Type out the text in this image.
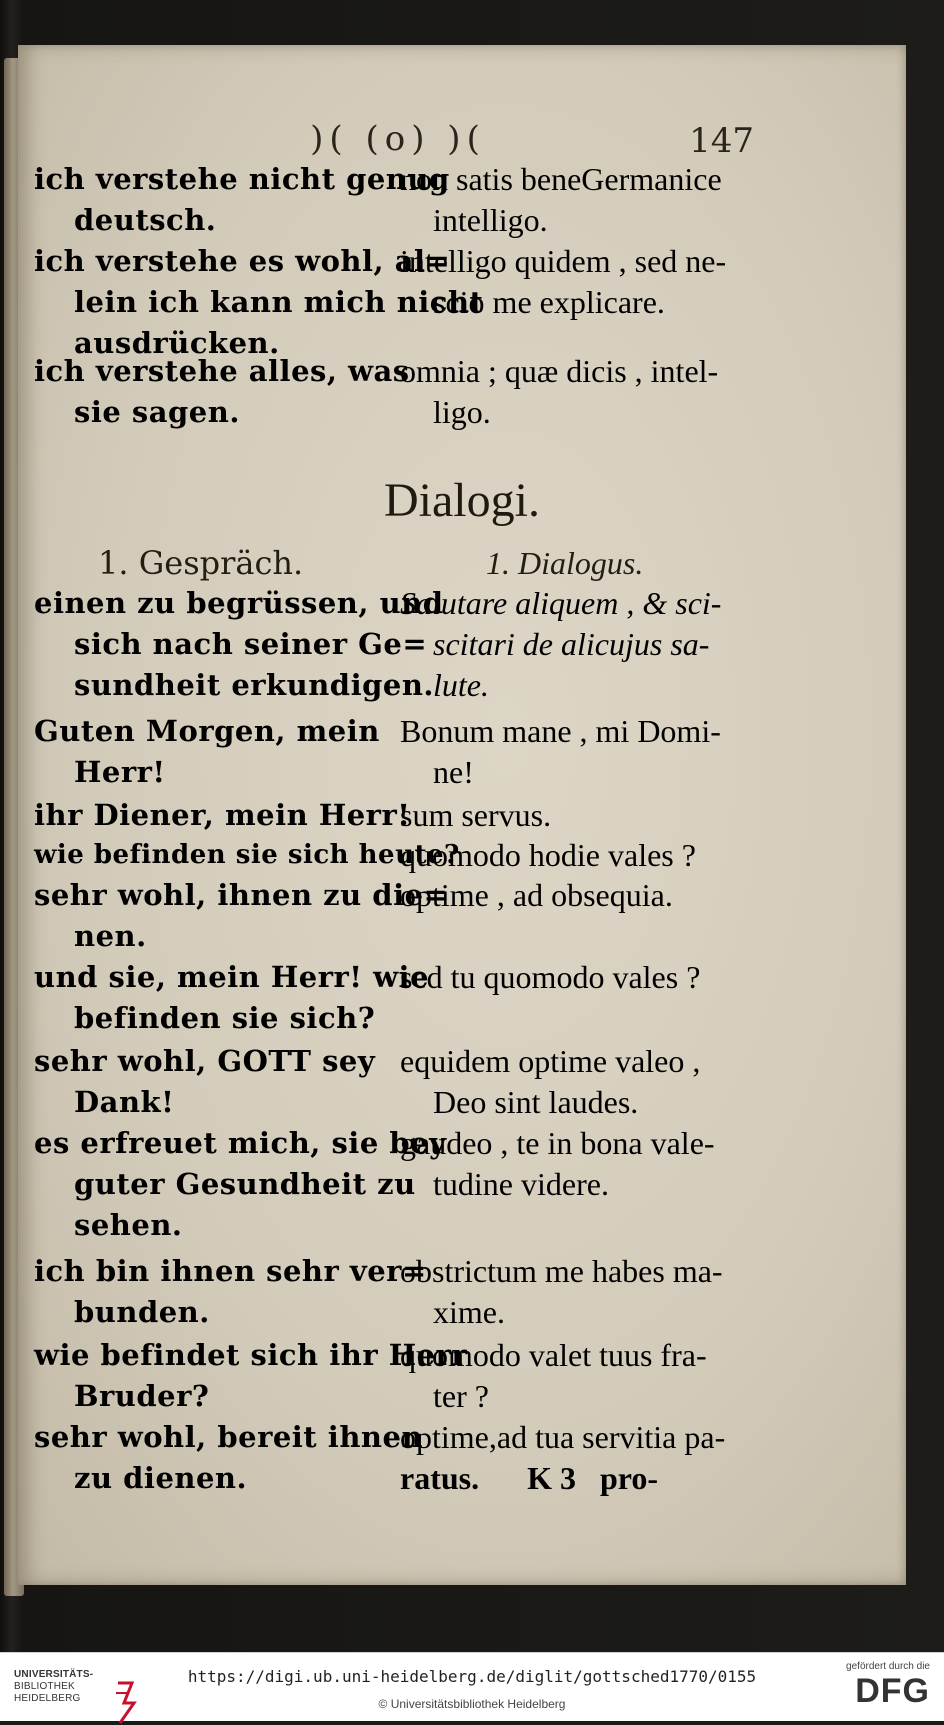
)( (o) )(	147
ich verstehe nicht genug
deutsch.
non satis beneGermanice
intelligo.
ich verstehe es wohl, al=
lein ich kann mich nicht
ausdrücken.
intelligo quidem , sed ne-
scio me explicare.
ich verstehe alles, was
sie sagen.
omnia ; quæ dicis , intel-
ligo.
Dialogi.
1. Gespräch.	1. Dialogus.
einen zu begrüssen, und
sich nach seiner Ge=
sundheit erkundigen.
Salutare aliquem , & sci-
scitari de alicujus sa-
lute.
Guten Morgen, mein
Herr!
Bonum mane , mi Domi-
ne!
ihr Diener, mein Herr!
sum servus.
wie befinden sie sich heute?
quomodo hodie vales ?
sehr wohl, ihnen zu die=
nen.
optime , ad obsequia.
und sie, mein Herr! wie
befinden sie sich?
sed tu quomodo vales ?
sehr wohl, GOTT sey
Dank!
equidem optime valeo ,
Deo sint laudes.
es erfreuet mich, sie bey
guter Gesundheit zu
sehen.
gaudeo , te in bona vale-
tudine videre.
ich bin ihnen sehr ver=
bunden.
obstrictum me habes ma-
xime.
wie befindet sich ihr Herr
Bruder?
quomodo valet tuus fra-
ter ?
sehr wohl, bereit ihnen
zu dienen.
optime,ad tua servitia pa-
ratus.      K 3   pro-
UNIVERSITÄTS-
BIBLIOTHEK
HEIDELBERG
https://digi.ub.uni-heidelberg.de/diglit/gottsched1770/0155
© Universitätsbibliothek Heidelberg
gefördert durch die
DFG
